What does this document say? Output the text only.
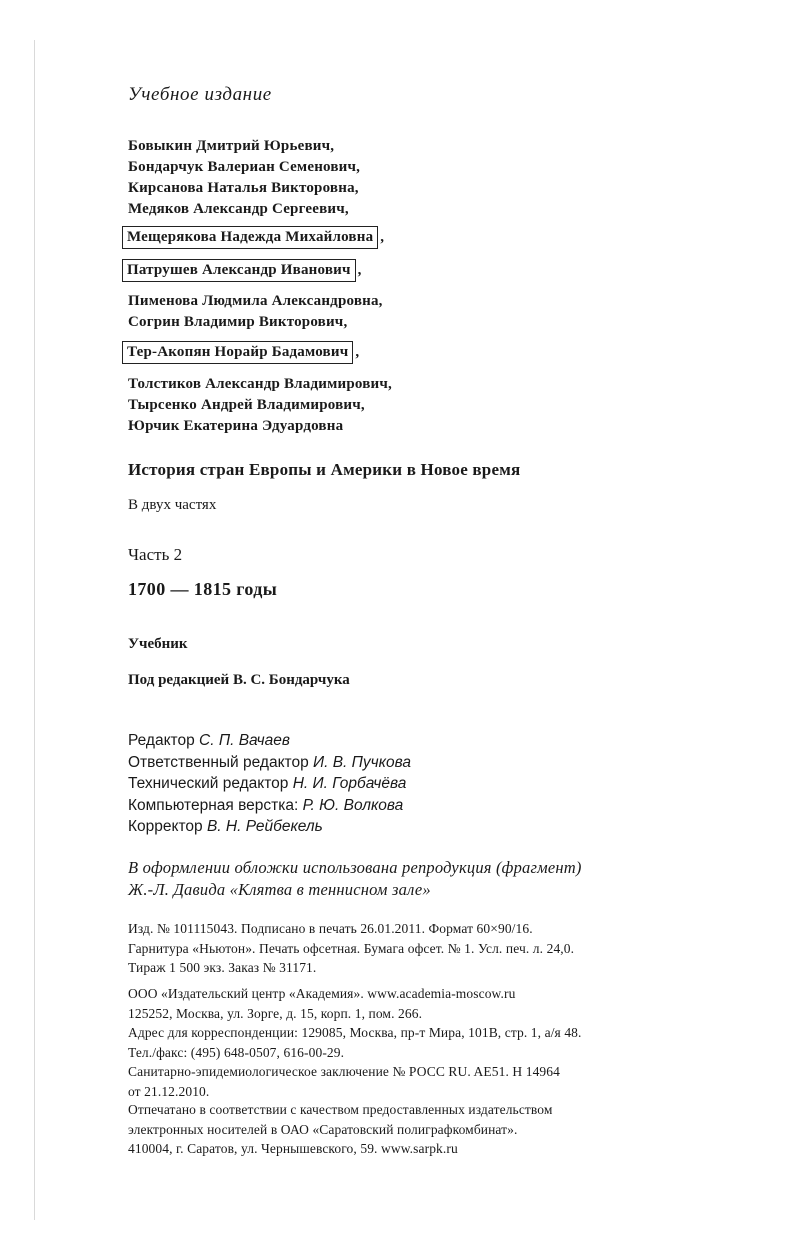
Учебное издание
Бовыкин Дмитрий Юрьевич,
Бондарчук Валериан Семенович,
Кирсанова Наталья Викторовна,
Медяков Александр Сергеевич,
Мещерякова Надежда Михайловна ,
Патрушев Александр Иванович ,
Пименова Людмила Александровна,
Согрин Владимир Викторович,
Тер-Акопян Норайр Бадамович ,
Толстиков Александр Владимирович,
Тырсенко Андрей Владимирович,
Юрчик Екатерина Эдуардовна
История стран Европы и Америки в Новое время
В двух частях
Часть 2
1700 — 1815 годы
Учебник
Под редакцией В. С. Бондарчука
Редактор С. П. Вачаев
Ответственный редактор И. В. Пучкова
Технический редактор Н. И. Горбачёва
Компьютерная верстка: Р. Ю. Волкова
Корректор В. Н. Рейбекель
В оформлении обложки использована репродукция (фрагмент)
Ж.-Л. Давида «Клятва в теннисном зале»
Изд. № 101115043. Подписано в печать 26.01.2011. Формат 60×90/16.
Гарнитура «Ньютон». Печать офсетная. Бумага офсет. № 1. Усл. печ. л. 24,0.
Тираж 1 500 экз. Заказ № 31171.
ООО «Издательский центр «Академия». www.academia-moscow.ru
125252, Москва, ул. Зорге, д. 15, корп. 1, пом. 266.
Адрес для корреспонденции: 129085, Москва, пр-т Мира, 101В, стр. 1, а/я 48.
Тел./факс: (495) 648-0507, 616-00-29.
Санитарно-эпидемиологическое заключение № РОСС RU. AE51. Н 14964
от 21.12.2010.
Отпечатано в соответствии с качеством предоставленных издательством
электронных носителей в ОАО «Саратовский полиграфкомбинат».
410004, г. Саратов, ул. Чернышевского, 59. www.sarpk.ru
